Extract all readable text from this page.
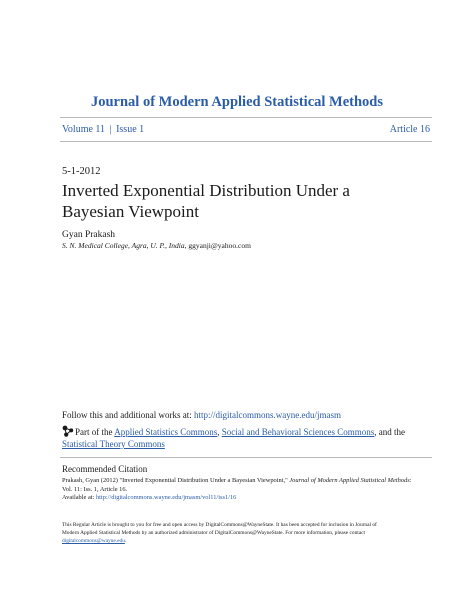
Journal of Modern Applied Statistical Methods
Volume 11 | Issue 1	Article 16
5-1-2012
Inverted Exponential Distribution Under a
Bayesian Viewpoint
Gyan Prakash
S. N. Medical College, Agra, U. P., India, ggyanji@yahoo.com
Follow this and additional works at: http://digitalcommons.wayne.edu/jmasm
Part of the Applied Statistics Commons, Social and Behavioral Sciences Commons, and the
Statistical Theory Commons
Recommended Citation
Prakash, Gyan (2012) "Inverted Exponential Distribution Under a Bayesian Viewpoint," Journal of Modern Applied Statistical Methods:
Vol. 11: Iss. 1, Article 16.
Available at: http://digitalcommons.wayne.edu/jmasm/vol11/iss1/16
This Regular Article is brought to you for free and open access by DigitalCommons@WayneState. It has been accepted for inclusion in Journal of
Modern Applied Statistical Methods by an authorized administrator of DigitalCommons@WayneState. For more information, please contact
digitalcommons@wayne.edu.
